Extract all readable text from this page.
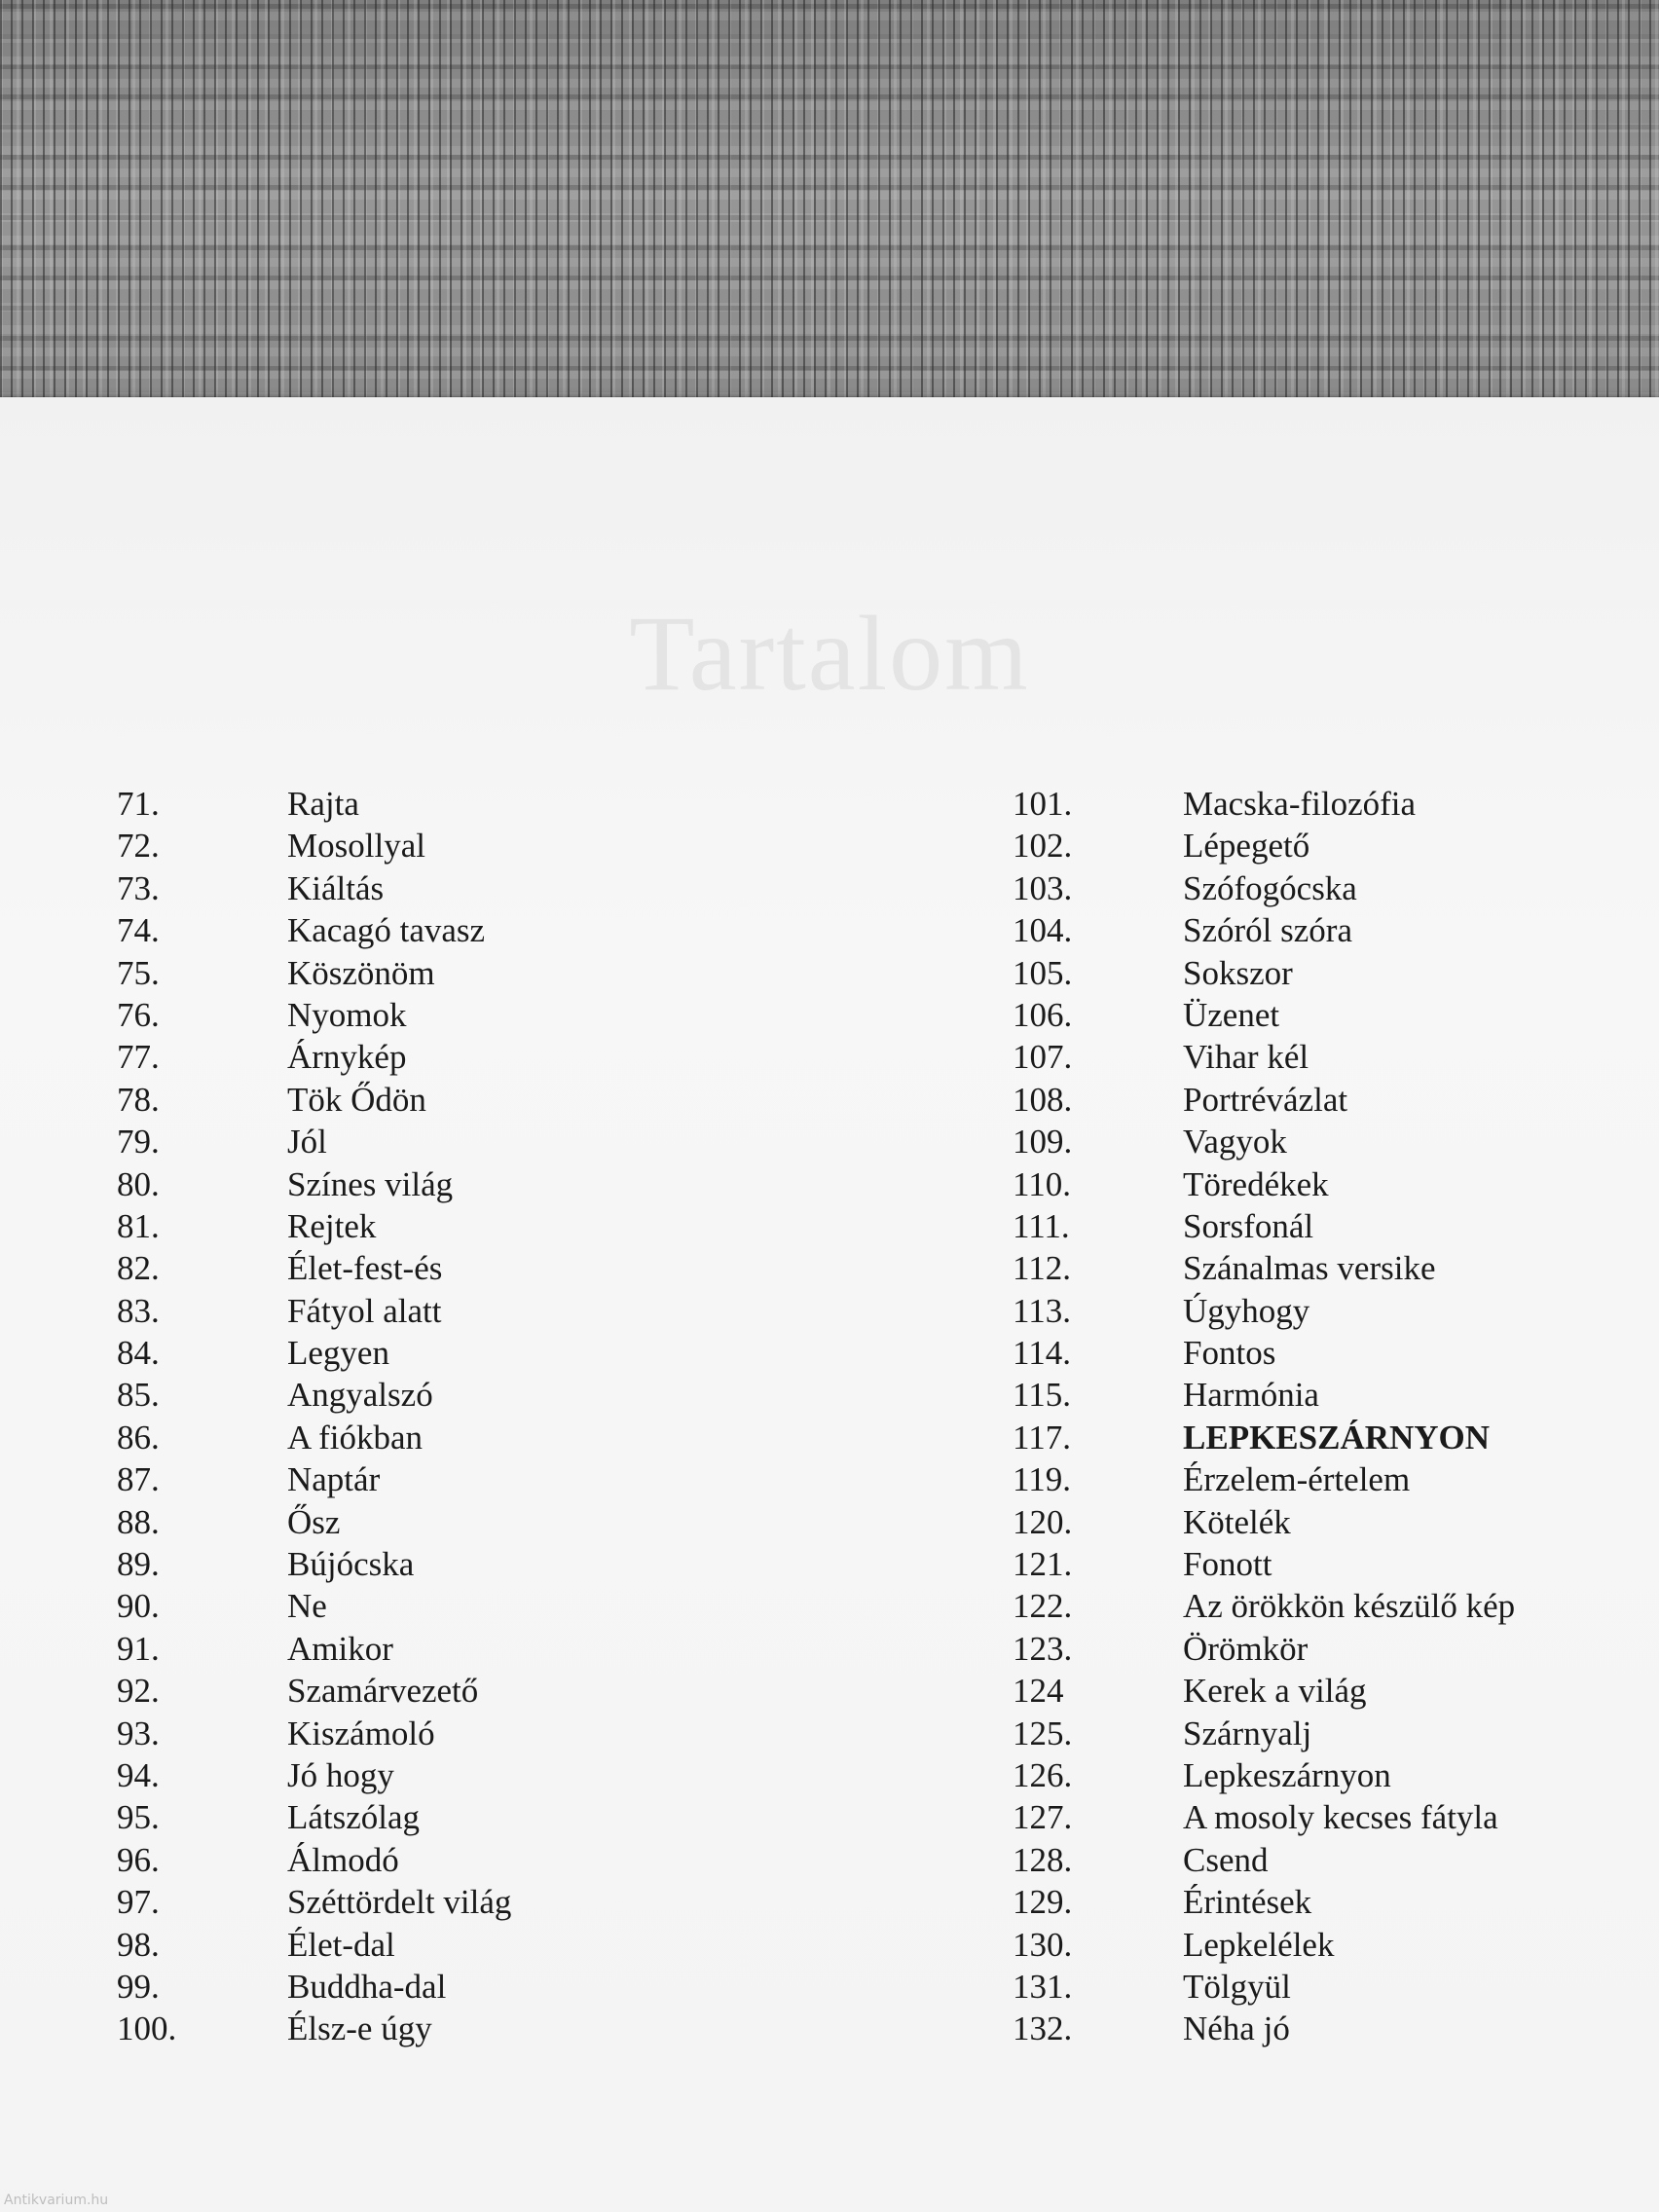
Tartalom
71.	Rajta
72.	Mosollyal
73.	Kiáltás
74.	Kacagó tavasz
75.	Köszönöm
76.	Nyomok
77.	Árnykép
78.	Tök Ődön
79.	Jól
80.	Színes világ
81.	Rejtek
82.	Élet-fest-és
83.	Fátyol alatt
84.	Legyen
85.	Angyalszó
86.	A fiókban
87.	Naptár
88.	Ősz
89.	Bújócska
90.	Ne
91.	Amikor
92.	Szamárvezető
93.	Kiszámoló
94.	Jó hogy
95.	Látszólag
96.	Álmodó
97.	Széttördelt világ
98.	Élet-dal
99.	Buddha-dal
100.	Élsz-e úgy
101.	Macska-filozófia
102.	Lépegető
103.	Szófogócska
104.	Szóról szóra
105.	Sokszor
106.	Üzenet
107.	Vihar kél
108.	Portrévázlat
109.	Vagyok
110.	Töredékek
111.	Sorsfonál
112.	Szánalmas versike
113.	Úgyhogy
114.	Fontos
115.	Harmónia
117.	LEPKESZÁRNYON
119.	Érzelem-értelem
120.	Kötelék
121.	Fonott
122.	Az örökkön készülő kép
123.	Örömkör
124	Kerek a világ
125.	Szárnyalj
126.	Lepkeszárnyon
127.	A mosoly kecses fátyla
128.	Csend
129.	Érintések
130.	Lepkelélek
131.	Tölgyül
132.	Néha jó
Antikvarium.hu
